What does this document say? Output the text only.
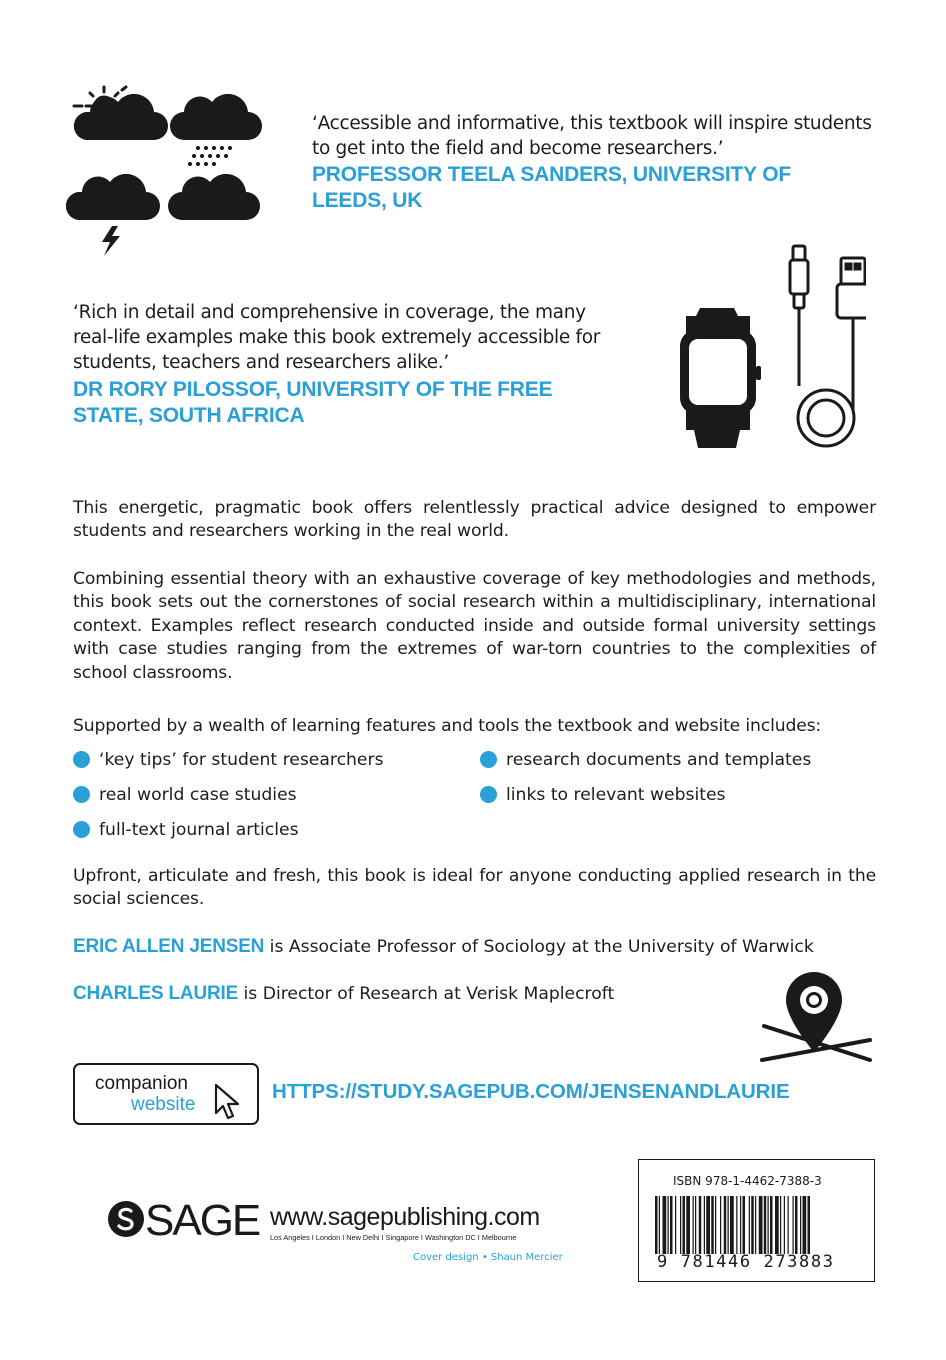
‘Accessible and informative, this textbook will inspire students to get into the field and become researchers.’
PROFESSOR TEELA SANDERS, UNIVERSITY OF
LEEDS, UK
‘Rich in detail and comprehensive in coverage, the many
real-life examples make this book extremely accessible for
students, teachers and researchers alike.’
DR RORY PILOSSOF, UNIVERSITY OF THE FREE
STATE, SOUTH AFRICA
This energetic, pragmatic book offers relentlessly practical advice designed to empower students and researchers working in the real world.
Combining essential theory with an exhaustive coverage of key methodologies and methods, this book sets out the cornerstones of social research within a multidisciplinary, international context. Examples reflect research conducted inside and outside formal university settings with case studies ranging from the extremes of war-torn countries to the complexities of school classrooms.
Supported by a wealth of learning features and tools the textbook and website includes:
‘key tips’ for student researchers
real world case studies
full-text journal articles
research documents and templates
links to relevant websites
Upfront, articulate and fresh, this book is ideal for anyone conducting applied research in the social sciences.
ERIC ALLEN JENSEN is Associate Professor of Sociology at the University of Warwick
CHARLES LAURIE is Director of Research at Verisk Maplecroft
companion
website
HTTPS://STUDY.SAGEPUB.COM/JENSENANDLAURIE
SAGE www.sagepublishing.com
Los Angeles I London I New Delhi I Singapore I Washington DC I Melbourne
Cover design • Shaun Mercier
ISBN 978-1-4462-7388-3
9 781446 273883
